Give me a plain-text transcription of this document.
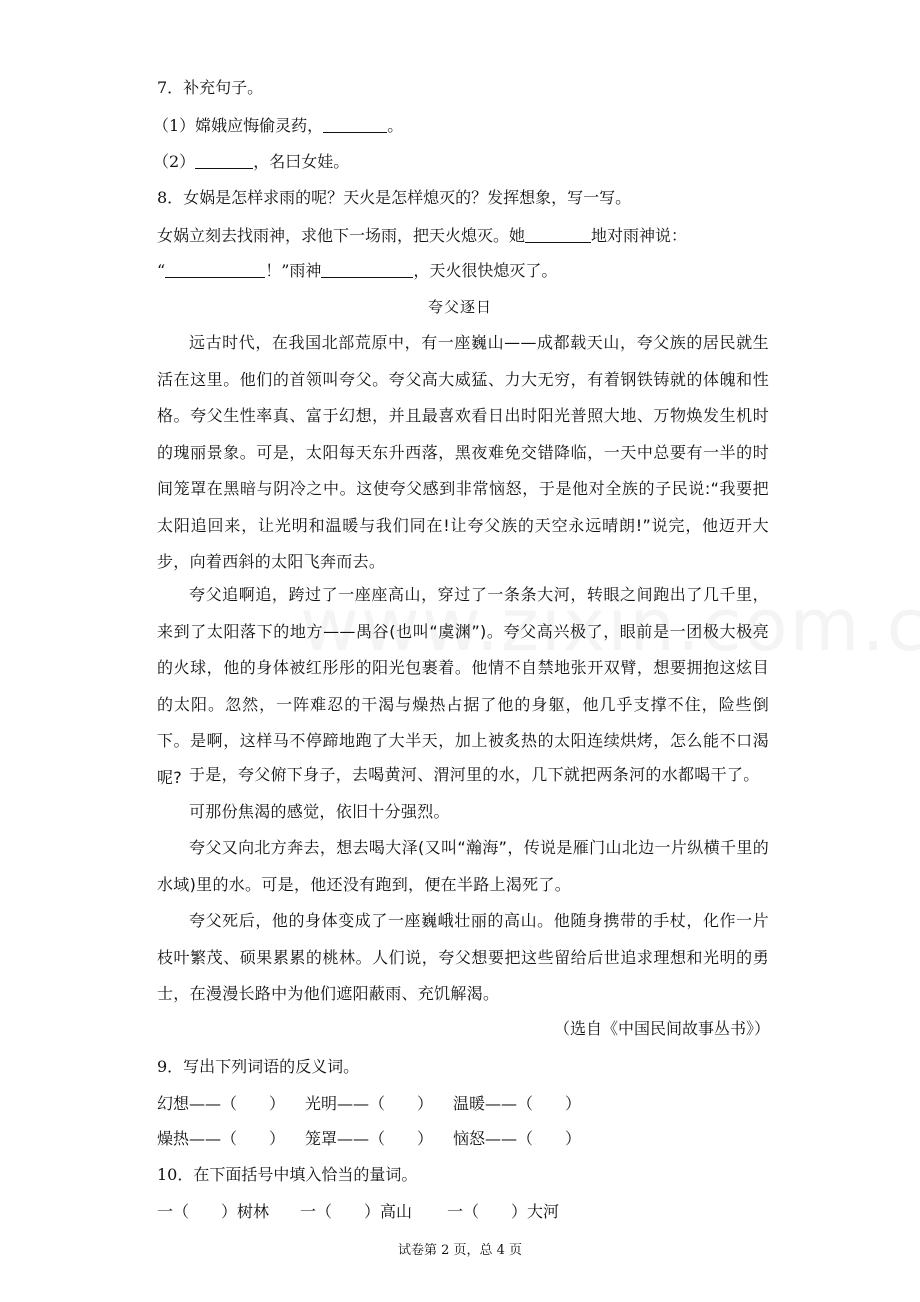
7．补充句子。
（1）嫦娥应悔偷灵药，	。
（2）	，名曰女娃。
8．女娲是怎样求雨的呢？天火是怎样熄灭的？发挥想象，写一写。
女娲立刻去找雨神，求他下一场雨，把天火熄灭。她	地对雨神说：
“	！”雨神	，天火很快熄灭了。
夸父逐日
远古时代，在我国北部荒原中，有一座巍山——成都载天山，夸父族的居民就生活在这里。他们的首领叫夸父。夸父高大威猛、力大无穷，有着钢铁铸就的体魄和性格。夸父生性率真、富于幻想，并且最喜欢看日出时阳光普照大地、万物焕发生机时的瑰丽景象。可是，太阳每天东升西落，黑夜难免交错降临，一天中总要有一半的时间笼罩在黑暗与阴冷之中。这使夸父感到非常恼怒，于是他对全族的子民说:“我要把太阳追回来，让光明和温暖与我们同在!让夸父族的天空永远晴朗!”说完，他迈开大步，向着西斜的太阳飞奔而去。
夸父追啊追，跨过了一座座高山，穿过了一条条大河，转眼之间跑出了几千里，来到了太阳落下的地方——禺谷(也叫“虞渊”)。夸父高兴极了，眼前是一团极大极亮的火球，他的身体被红彤彤的阳光包裹着。他情不自禁地张开双臂，想要拥抱这炫目的太阳。忽然，一阵难忍的干渴与燥热占据了他的身躯，他几乎支撑不住，险些倒下。是啊，这样马不停蹄地跑了大半天，加上被炙热的太阳连续烘烤，怎么能不口渴呢? 于是，夸父俯下身子，去喝黄河、渭河里的水，几下就把两条河的水都喝干了。
可那份焦渴的感觉，依旧十分强烈。
夸父又向北方奔去，想去喝大泽(又叫“瀚海”，传说是雁门山北边一片纵横千里的水域)里的水。可是，他还没有跑到，便在半路上渴死了。
夸父死后，他的身体变成了一座巍峨壮丽的高山。他随身携带的手杖，化作一片枝叶繁茂、硕果累累的桃林。人们说，夸父想要把这些留给后世追求理想和光明的勇士，在漫漫长路中为他们遮阳蔽雨、充饥解渴。
（选自《中国民间故事丛书》）
9．写出下列词语的反义词。
幻想——（　　） 光明——（　　） 温暖——（　　）
燥热——（　　） 笼罩——（　　） 恼怒——（　　）
10．在下面括号中填入恰当的量词。
一（　　）树林 一（　　）高山 一（　　）大河
试卷第 2 页，总 4 页
